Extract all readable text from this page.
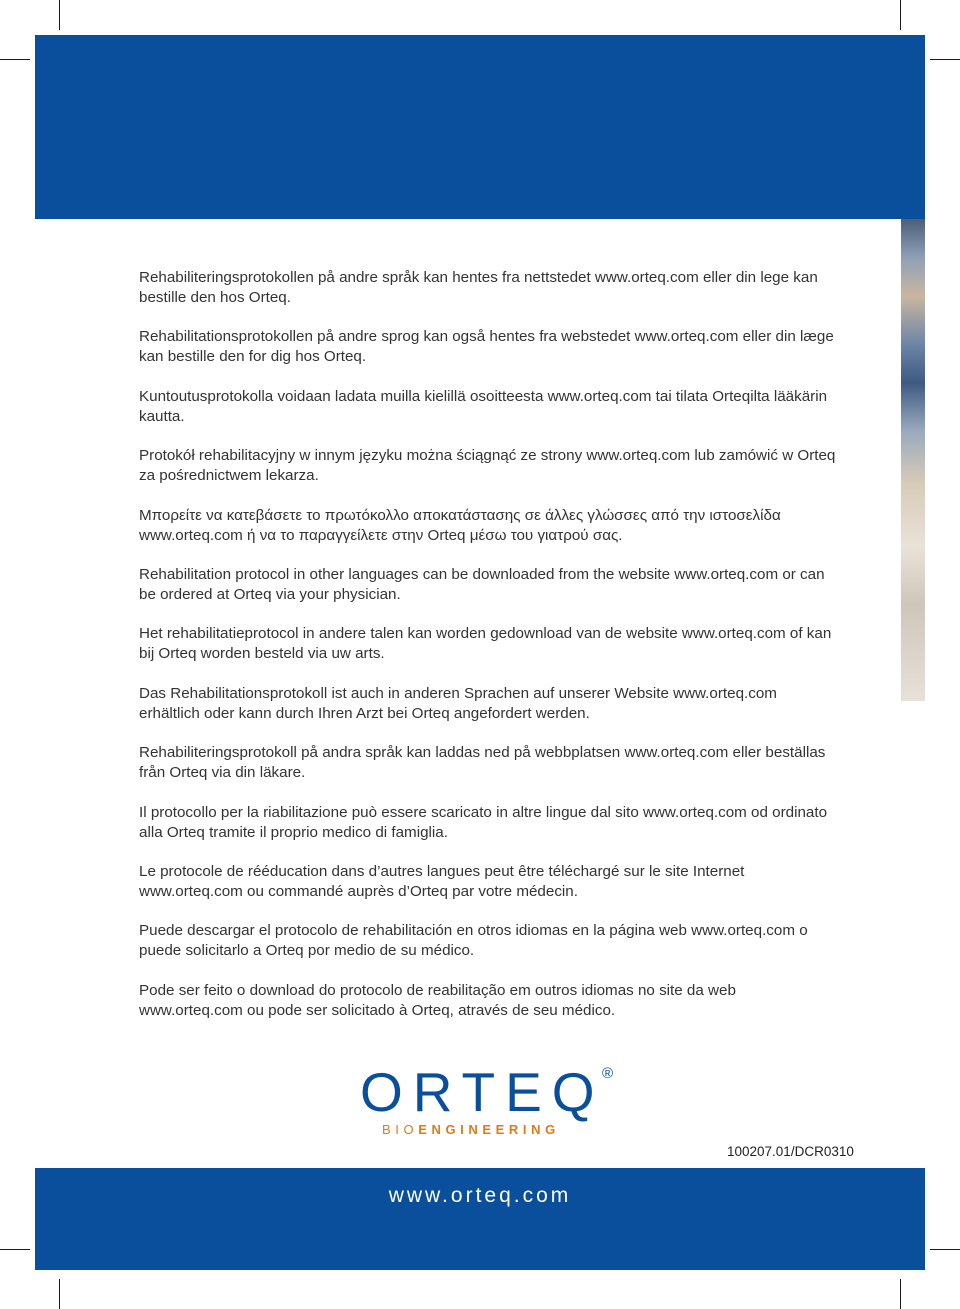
Rehabiliteringsprotokollen på andre språk kan hentes fra nettstedet www.orteq.com eller din lege kan bestille den hos Orteq.

Rehabilitationsprotokollen på andre sprog kan også hentes fra webstedet www.orteq.com eller din læge kan bestille den for dig hos Orteq.

Kuntoutusprotokolla voidaan ladata muilla kielillä osoitteesta www.orteq.com tai tilata Orteqilta lääkärin kautta.

Protokół rehabilitacyjny w innym języku można ściągnąć ze strony www.orteq.com lub zamówić w Orteq za pośrednictwem lekarza.

Μπορείτε να κατεβάσετε το πρωτόκολλο αποκατάστασης σε άλλες γλώσσες από την ιστοσελίδα www.orteq.com ή να το παραγγείλετε στην Orteq μέσω του γιατρού σας.

Rehabilitation protocol in other languages can be downloaded from the website www.orteq.com or can be ordered at Orteq via your physician.

Het rehabilitatieprotocol in andere talen kan worden gedownload van de website www.orteq.com of kan bij Orteq worden besteld via uw arts.

Das Rehabilitationsprotokoll ist auch in anderen Sprachen auf unserer Website www.orteq.com erhältlich oder kann durch Ihren Arzt bei Orteq angefordert werden.

Rehabiliteringsprotokoll på andra språk kan laddas ned på webbplatsen www.orteq.com eller beställas från Orteq via din läkare.

Il protocollo per la riabilitazione può essere scaricato in altre lingue dal sito www.orteq.com od ordinato alla Orteq tramite il proprio medico di famiglia.

Le protocole de rééducation dans d’autres langues peut être téléchargé sur le site Internet www.orteq.com ou commandé auprès d’Orteq par votre médecin.

Puede descargar el protocolo de rehabilitación en otros idiomas en la página web www.orteq.com o puede solicitarlo a Orteq por medio de su médico.

Pode ser feito o download do protocolo de reabilitação em outros idiomas no site da web www.orteq.com ou pode ser solicitado à Orteq, através de seu médico.

ORTEQ
®
BIOENGINEERING
100207.01/DCR0310
www.orteq.com
